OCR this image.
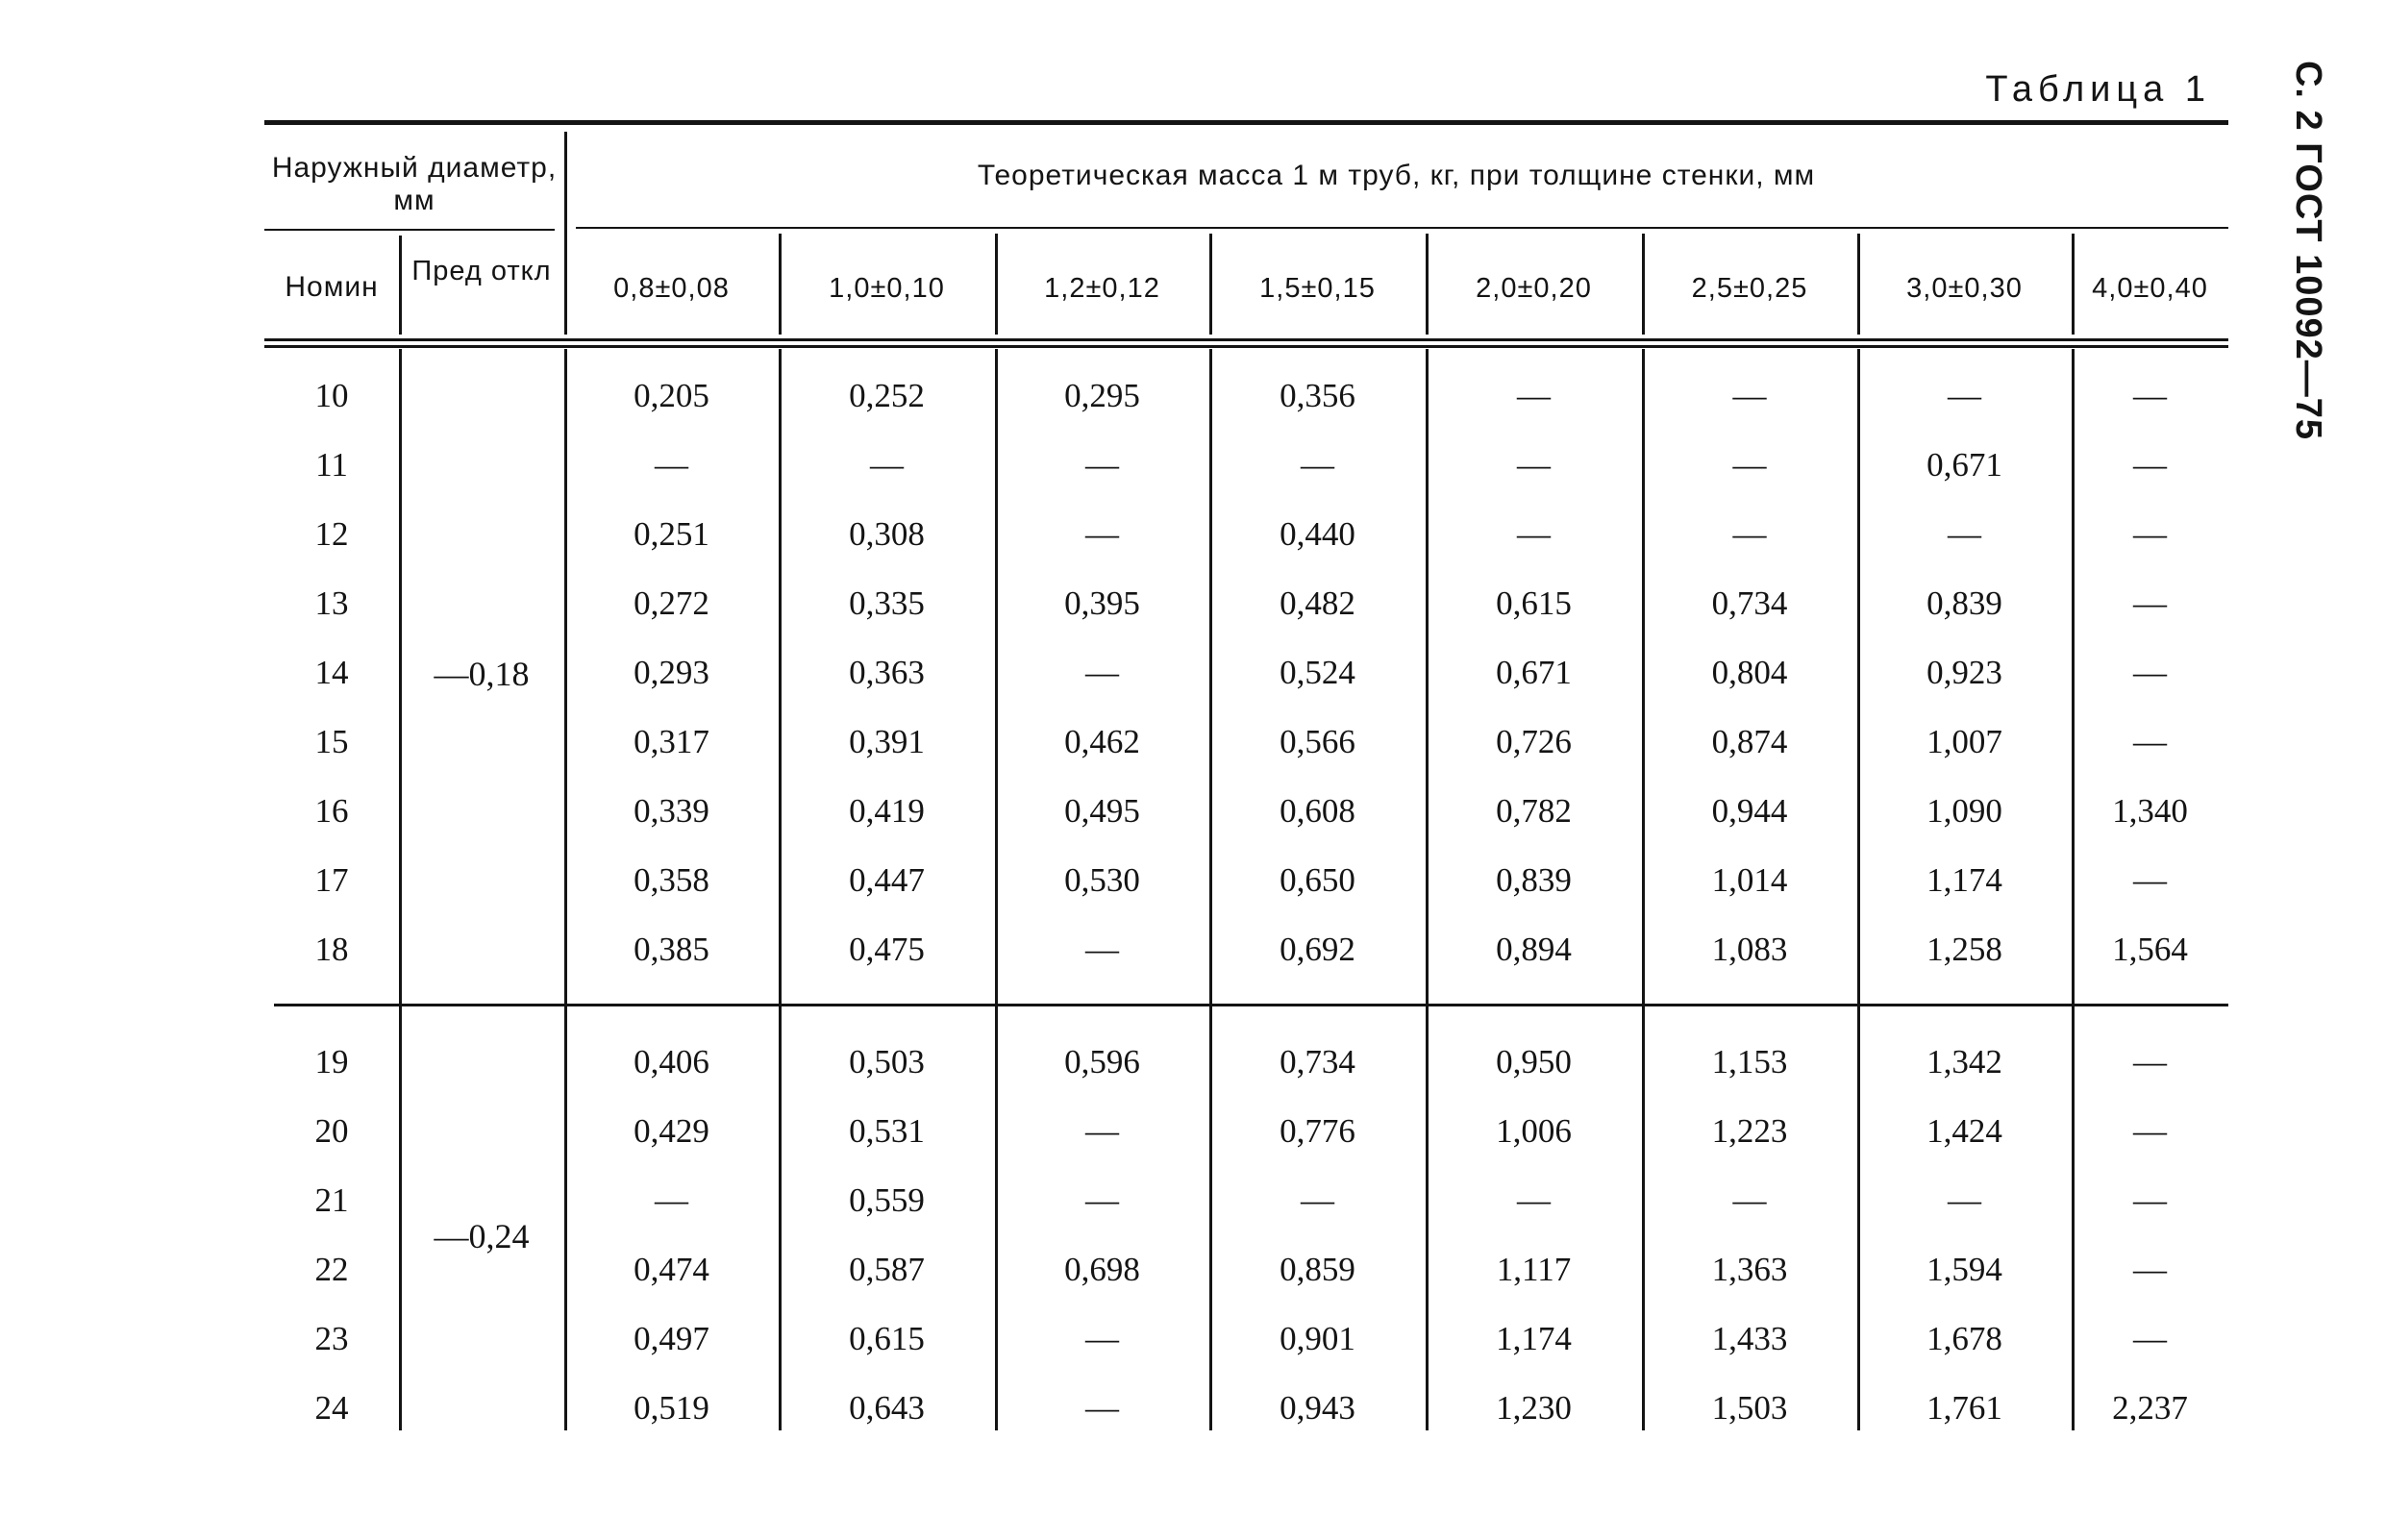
С. 2 ГОСТ 10092—75
Таблица 1
Наружный диаметр, мм
Номин	Пред откл
Теоретическая масса 1 м труб, кг, при толщине стенки, мм
0,8±0,08	1,0±0,10	1,2±0,12	1,5±0,15	2,0±0,20	2,5±0,25	3,0±0,30	4,0±0,40
10	0,205	0,252	0,295	0,356	—	—	—	—
11	—	—	—	—	—	—	0,671	—
12	0,251	0,308	—	0,440	—	—	—	—
13	0,272	0,335	0,395	0,482	0,615	0,734	0,839	—
14	0,293	0,363	—	0,524	0,671	0,804	0,923	—
15	0,317	0,391	0,462	0,566	0,726	0,874	1,007	—
16	0,339	0,419	0,495	0,608	0,782	0,944	1,090	1,340
17	0,358	0,447	0,530	0,650	0,839	1,014	1,174	—
18	0,385	0,475	—	0,692	0,894	1,083	1,258	1,564
—0,18
19	0,406	0,503	0,596	0,734	0,950	1,153	1,342	—
20	0,429	0,531	—	0,776	1,006	1,223	1,424	—
21	—	0,559	—	—	—	—	—	—
22	0,474	0,587	0,698	0,859	1,117	1,363	1,594	—
23	0,497	0,615	—	0,901	1,174	1,433	1,678	—
24	0,519	0,643	—	0,943	1,230	1,503	1,761	2,237
—0,24
